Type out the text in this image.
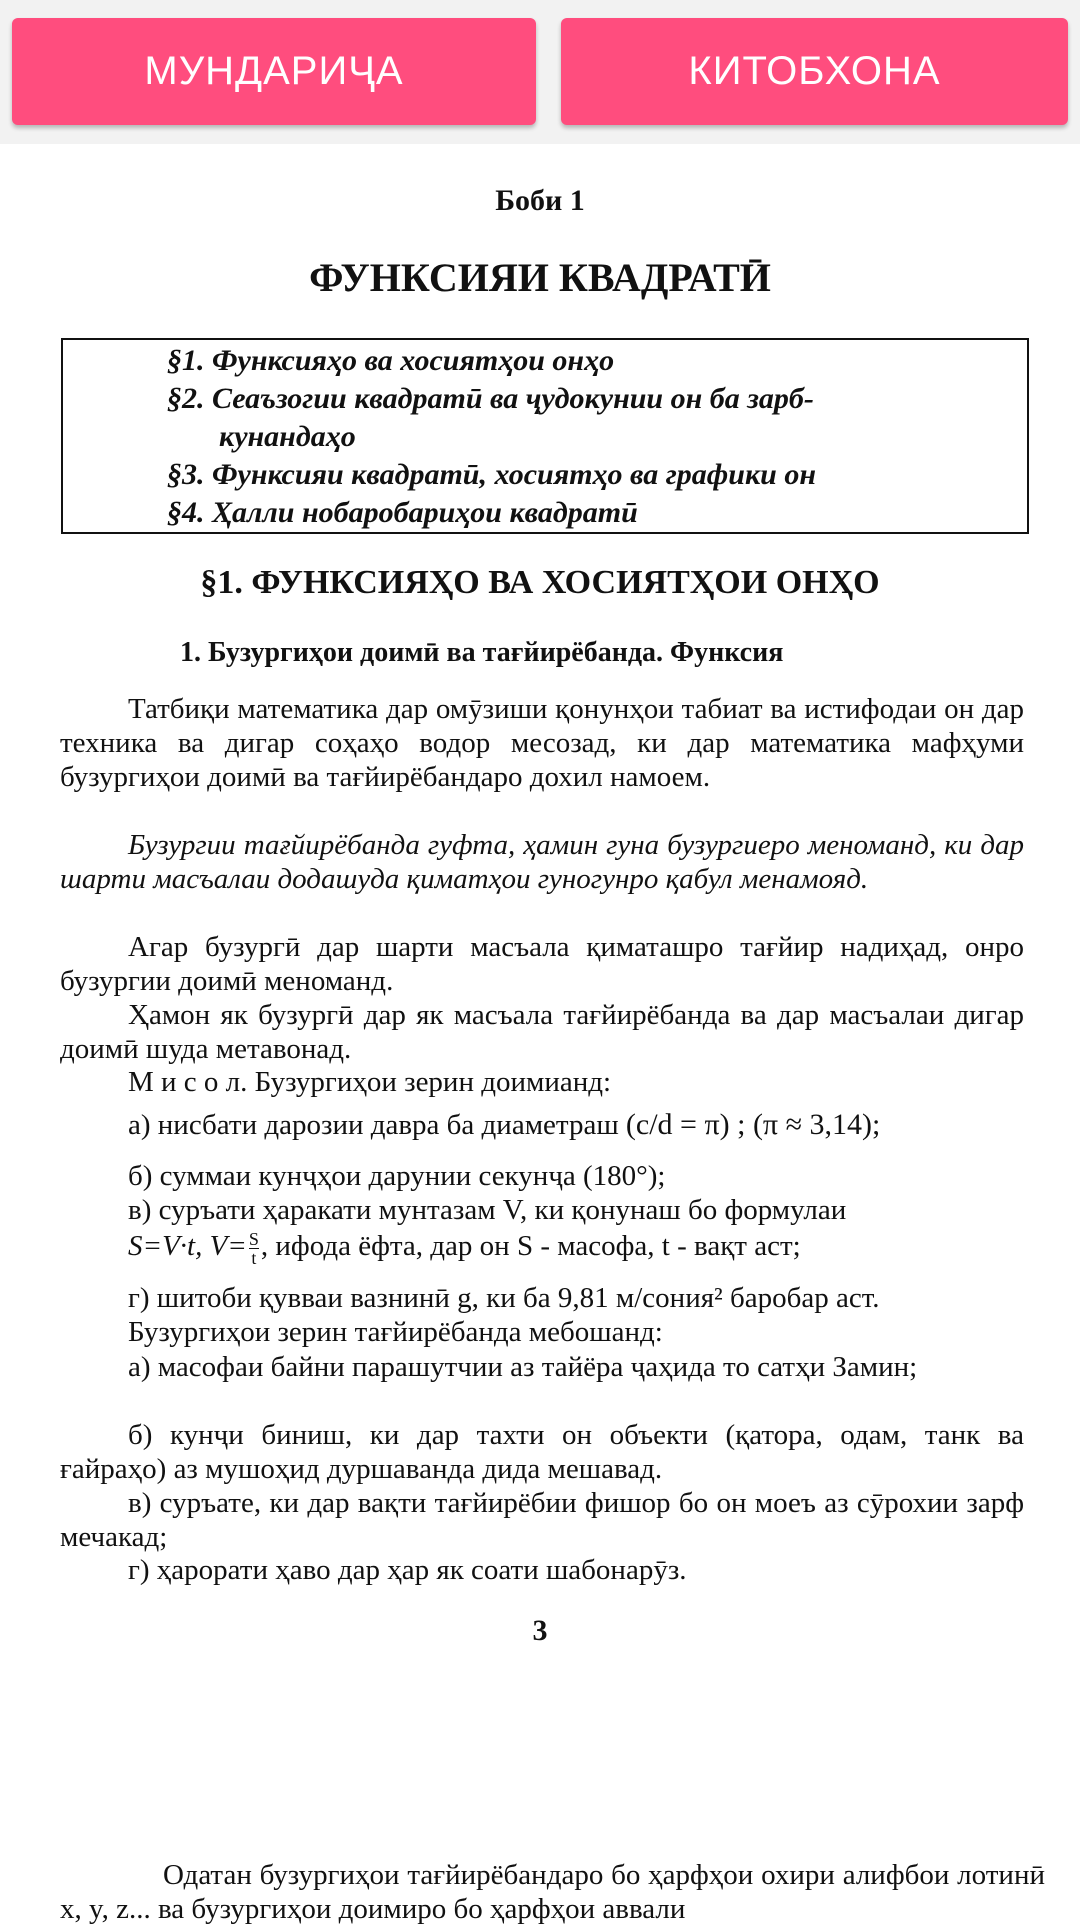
МУНДАРИҶА	КИТОБХОНА
Боби 1
ФУНКСИЯИ КВАДРАТӢ
§1. Функсияҳо ва хосиятҳои онҳо
§2. Сеаъзогии квадратӣ ва ҷудокунии он ба зарб-
кунандаҳо
§3. Функсияи квадратӣ, хосиятҳо ва графики он
§4. Ҳалли нобаробариҳои квадратӣ
§1. ФУНКСИЯҲО ВА ХОСИЯТҲОИ ОНҲО
1. Бузургиҳои доимӣ ва тағйирёбанда. Функсия
Татбиқи математика дар омӯзиши қонунҳои табиат ва истифодаи он дар техника ва дигар соҳаҳо водор месозад, ки дар математика мафҳуми бузургиҳои доимӣ ва тағйирёбандаро дохил намоем.
Бузургии тағйирёбанда гуфта, ҳамин гуна бузургиеро меноманд, ки дар шарти масъалаи додашуда қиматҳои гуногунро қабул менамояд.
Агар бузургӣ дар шарти масъала қиматашро тағйир надиҳад, онро бузургии доимӣ меноманд.
Ҳамон як бузургӣ дар як масъала тағйирёбанда ва дар масъалаи дигар доимӣ шуда метавонад.
М и с о л. Бузургиҳои зерин доимианд:
а) нисбати дарозии давра ба диаметраш (c/d = π) ; (π ≈ 3,14);
б) суммаи кунҷҳои дарунии секунҷа (180°);
в) суръати ҳаракати мунтазам V, ки қонунаш бо формулаи
S=V·t, $V= \frac{S}{t}$ , ифода ёфта, дар он S - масофа, t - вақт аст;
г) шитоби қувваи вазнинӣ g, ки ба 9,81 м/сония² баробар аст.
Бузургиҳои зерин тағйирёбанда мебошанд:
а) масофаи байни парашутчии аз тайёра ҷаҳида то сатҳи Замин;
б) кунҷи биниш, ки дар тахти он объекти (қатора, одам, танк ва ғайраҳо) аз мушоҳид дуршаванда дида мешавад.
в) суръате, ки дар вақти тағйирёбии фишор бо он моеъ аз сӯрохии зарф мечакад;
г) ҳарорати ҳаво дар ҳар як соати шабонарӯз.
3
Одатан бузургиҳои тағйирёбандаро бо ҳарфҳои охири алифбои лотинӣ x, y, z... ва бузургиҳои доимиро бо ҳарфҳои аввали
